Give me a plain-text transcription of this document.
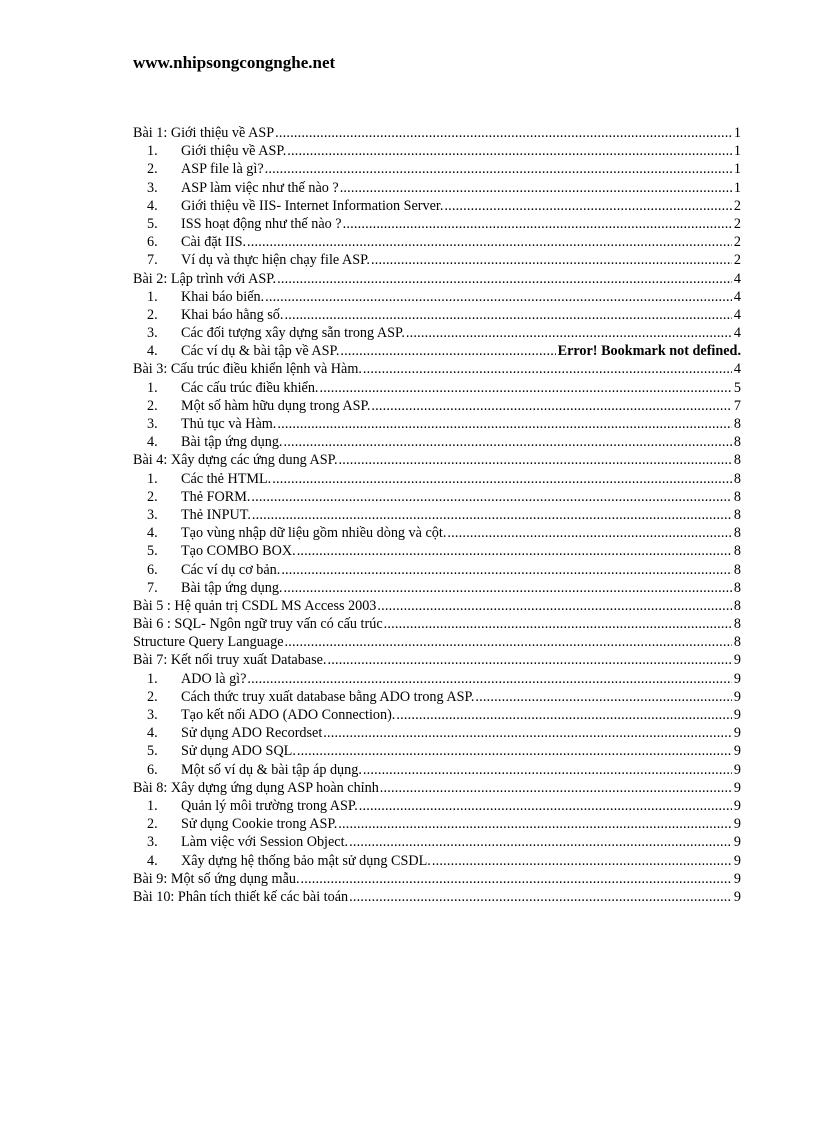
www.nhipsongcongnghe.net
Bài 1: Giới thiệu về ASP .....	1
1.	Giới thiệu về ASP. .....	1
2.	ASP file là gì? .....	1
3.	ASP làm việc như thế nào ? .....	1
4.	Giới thiệu về IIS- Internet Information Server. .....	2
5.	ISS hoạt động như thế nào ? .....	2
6.	Cài đặt IIS. .....	2
7.	Ví dụ và thực hiện chạy file ASP. .....	2
Bài 2: Lập trình với ASP. .....	4
1.	Khai báo biến. .....	4
2.	Khai báo hằng số. .....	4
3.	Các đối tượng xây dựng sẵn trong ASP. .....	4
4.	Các ví dụ & bài tập về ASP. .....	Error! Bookmark not defined.
Bài 3: Cấu trúc điều khiển lệnh và Hàm. .....	4
1.	Các cấu trúc điều khiển. .....	5
2.	Một số hàm hữu dụng trong ASP. .....	7
3.	Thủ tục và Hàm. .....	8
4.	Bài tập ứng dụng. .....	8
Bài 4: Xây dựng các ứng dung ASP. .....	8
1.	Các thẻ HTML. .....	8
2.	Thẻ FORM. .....	8
3.	Thẻ INPUT. .....	8
4.	Tạo vùng nhập dữ liệu gồm nhiều dòng và cột. .....	8
5.	Tạo COMBO BOX. .....	8
6.	Các ví dụ cơ bản. .....	8
7.	Bài tập ứng dụng. .....	8
Bài 5 : Hệ quản trị CSDL MS Access 2003 .....	8
Bài 6 : SQL- Ngôn ngữ truy vấn có cấu trúc .....	8
Structure Query Language .....	8
Bài 7: Kết nối truy xuất Database. .....	9
1.	ADO là gì? .....	9
2.	Cách thức truy xuất database bằng ADO trong ASP. .....	9
3.	Tạo kết nối ADO (ADO Connection). .....	9
4.	Sử dụng ADO Recordset .....	9
5.	Sử dụng ADO SQL. .....	9
6.	Một số ví dụ & bài tập áp dụng. .....	9
Bài 8: Xây dựng ứng dụng ASP hoàn chỉnh .....	9
1.	Quản lý môi trường trong ASP. .....	9
2.	Sử dụng Cookie trong ASP. .....	9
3.	Làm việc với Session Object. .....	9
4.	Xây dựng hệ thống bảo mật sử dụng CSDL. .....	9
Bài 9: Một số ứng dụng mẫu. .....	9
Bài 10: Phân tích thiết kế các bài toán .....	9
